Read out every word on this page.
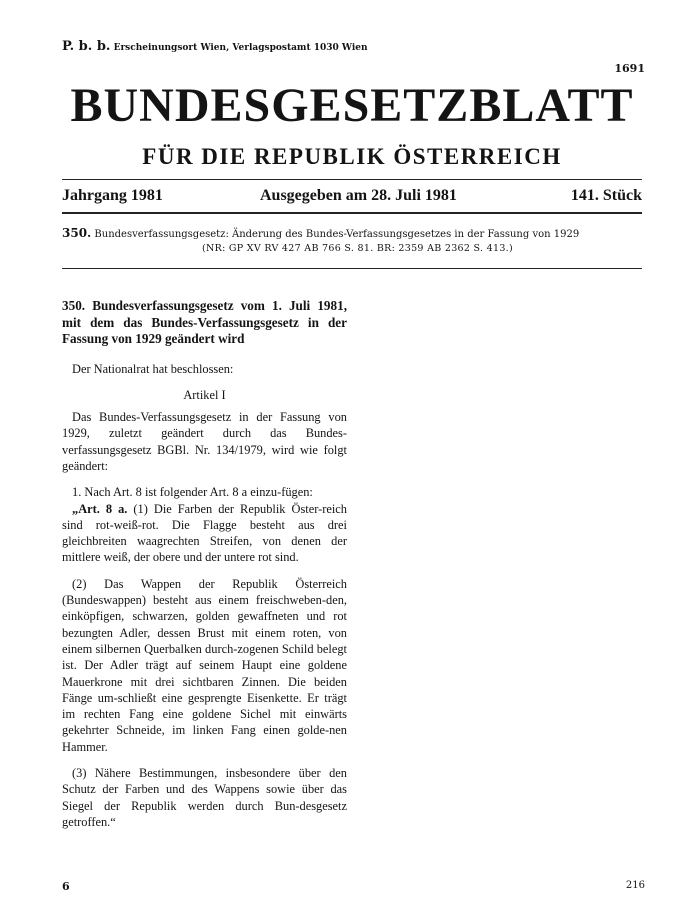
P. b. b. Erscheinungsort Wien, Verlagspostamt 1030 Wien
1691
BUNDESGESETZBLATT
FÜR DIE REPUBLIK ÖSTERREICH
Jahrgang 1981	Ausgegeben am 28. Juli 1981	141. Stück
350. Bundesverfassungsgesetz: Änderung des Bundes-Verfassungsgesetzes in der Fassung von 1929
(NR: GP XV RV 427 AB 766 S. 81. BR: 2359 AB 2362 S. 413.)

350. Bundesverfassungsgesetz vom 1. Juli 1981, mit dem das Bundes-Verfassungsgesetz in der Fassung von 1929 geändert wird

Der Nationalrat hat beschlossen:

Artikel I

Das Bundes-Verfassungsgesetz in der Fassung von 1929, zuletzt geändert durch das Bundes-verfassungsgesetz BGBl. Nr. 134/1979, wird wie folgt geändert:

1. Nach Art. 8 ist folgender Art. 8 a einzu-fügen:

„Art. 8 a. (1) Die Farben der Republik Öster-reich sind rot-weiß-rot. Die Flagge besteht aus drei gleichbreiten waagrechten Streifen, von denen der mittlere weiß, der obere und der untere rot sind.

(2) Das Wappen der Republik Österreich (Bundeswappen) besteht aus einem freischweben-den, einköpfigen, schwarzen, golden gewaffneten und rot bezungten Adler, dessen Brust mit einem roten, von einem silbernen Querbalken durch-zogenen Schild belegt ist. Der Adler trägt auf seinem Haupt eine goldene Mauerkrone mit drei sichtbaren Zinnen. Die beiden Fänge um-schließt eine gesprengte Eisenkette. Er trägt im rechten Fang eine goldene Sichel mit einwärts gekehrter Schneide, im linken Fang einen golde-nen Hammer.

(3) Nähere Bestimmungen, insbesondere über den Schutz der Farben und des Wappens sowie über das Siegel der Republik werden durch Bun-desgesetz getroffen.“

6	216
